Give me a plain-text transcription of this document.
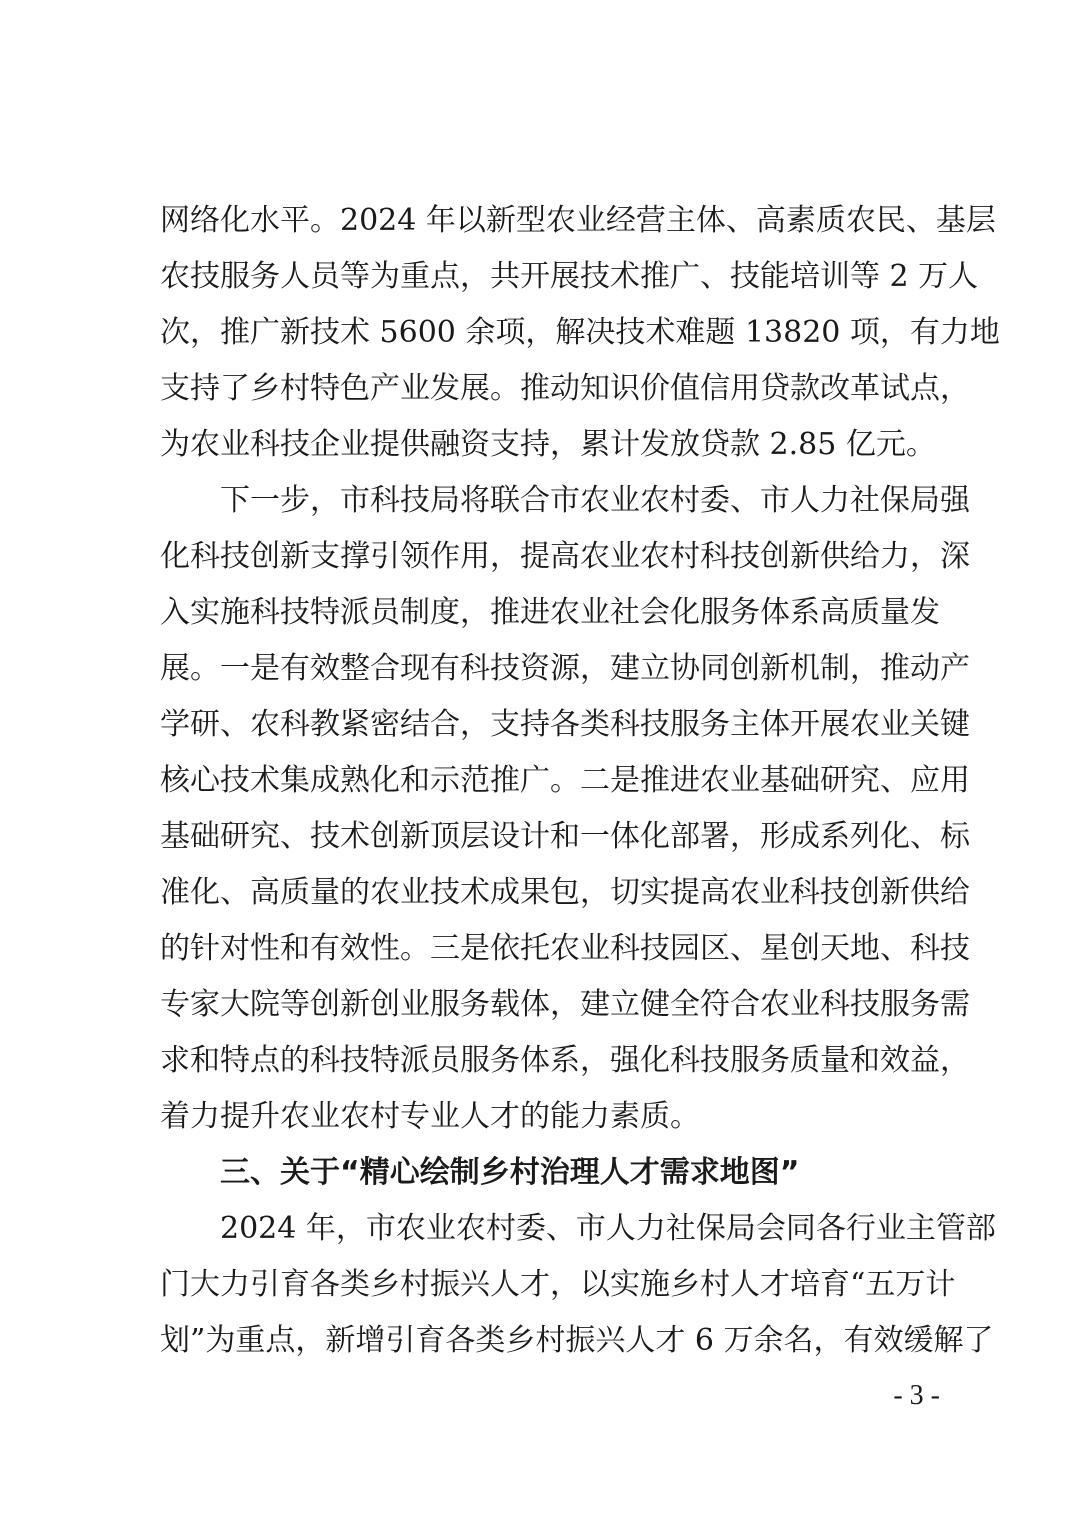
网络化水平。2024 年以新型农业经营主体、高素质农民、基层
农技服务人员等为重点，共开展技术推广、技能培训等 2 万人
次，推广新技术 5600 余项，解决技术难题 13820 项，有力地
支持了乡村特色产业发展。推动知识价值信用贷款改革试点，
为农业科技企业提供融资支持，累计发放贷款 2.85 亿元。
　　下一步，市科技局将联合市农业农村委、市人力社保局强
化科技创新支撑引领作用，提高农业农村科技创新供给力，深
入实施科技特派员制度，推进农业社会化服务体系高质量发
展。一是有效整合现有科技资源，建立协同创新机制，推动产
学研、农科教紧密结合，支持各类科技服务主体开展农业关键
核心技术集成熟化和示范推广。二是推进农业基础研究、应用
基础研究、技术创新顶层设计和一体化部署，形成系列化、标
准化、高质量的农业技术成果包，切实提高农业科技创新供给
的针对性和有效性。三是依托农业科技园区、星创天地、科技
专家大院等创新创业服务载体，建立健全符合农业科技服务需
求和特点的科技特派员服务体系，强化科技服务质量和效益，
着力提升农业农村专业人才的能力素质。
　　三、关于“精心绘制乡村治理人才需求地图”
　　2024 年，市农业农村委、市人力社保局会同各行业主管部
门大力引育各类乡村振兴人才，以实施乡村人才培育“五万计
划”为重点，新增引育各类乡村振兴人才 6 万余名，有效缓解了
- 3 -
